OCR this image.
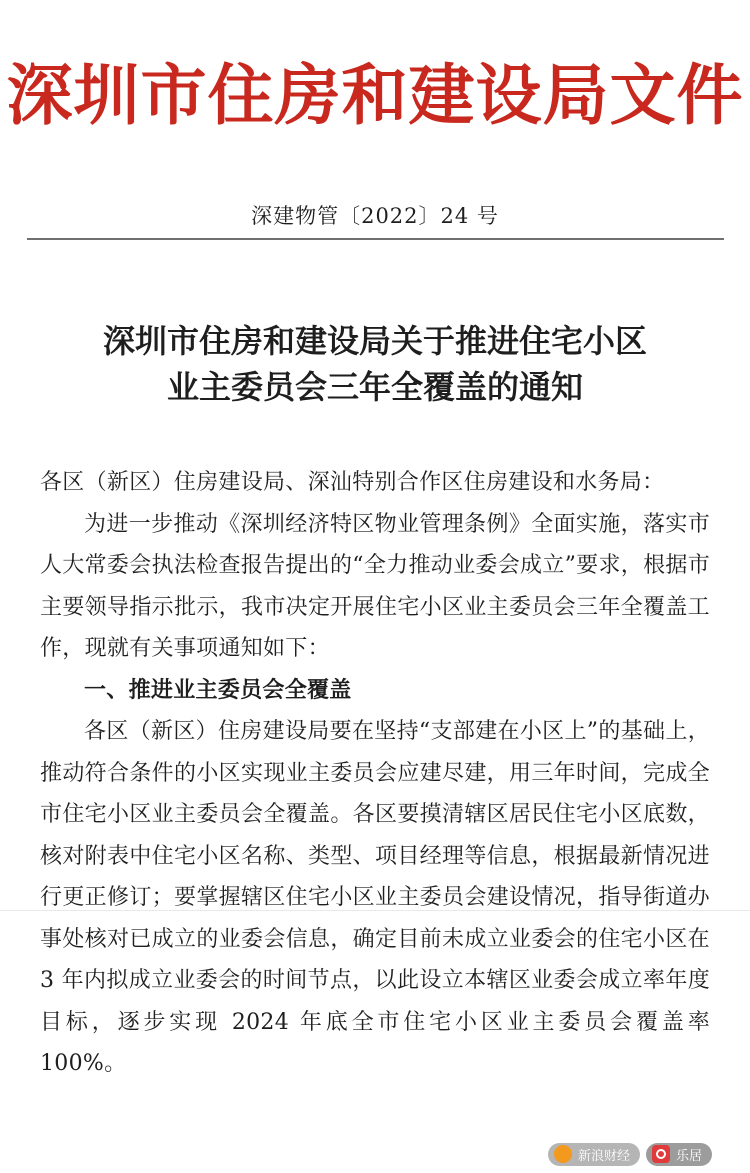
深圳市住房和建设局文件
深建物管〔2022〕24 号
深圳市住房和建设局关于推进住宅小区
业主委员会三年全覆盖的通知

各区（新区）住房建设局、深汕特别合作区住房建设和水务局：

为进一步推动《深圳经济特区物业管理条例》全面实施，落实市人大常委会执法检查报告提出的“全力推动业委会成立”要求，根据市主要领导指示批示，我市决定开展住宅小区业主委员会三年全覆盖工作，现就有关事项通知如下：

一、推进业主委员会全覆盖

各区（新区）住房建设局要在坚持“支部建在小区上”的基础上，推动符合条件的小区实现业主委员会应建尽建，用三年时间，完成全市住宅小区业主委员会全覆盖。各区要摸清辖区居民住宅小区底数，核对附表中住宅小区名称、类型、项目经理等信息，根据最新情况进行更正修订；要掌握辖区住宅小区业主委员会建设情况，指导街道办事处核对已成立的业委会信息，确定目前未成立业委会的住宅小区在 3 年内拟成立业委会的时间节点，以此设立本辖区业委会成立率年度目标，逐步实现 2024 年底全市住宅小区业主委员会覆盖率 100%。

新浪财经	乐居
